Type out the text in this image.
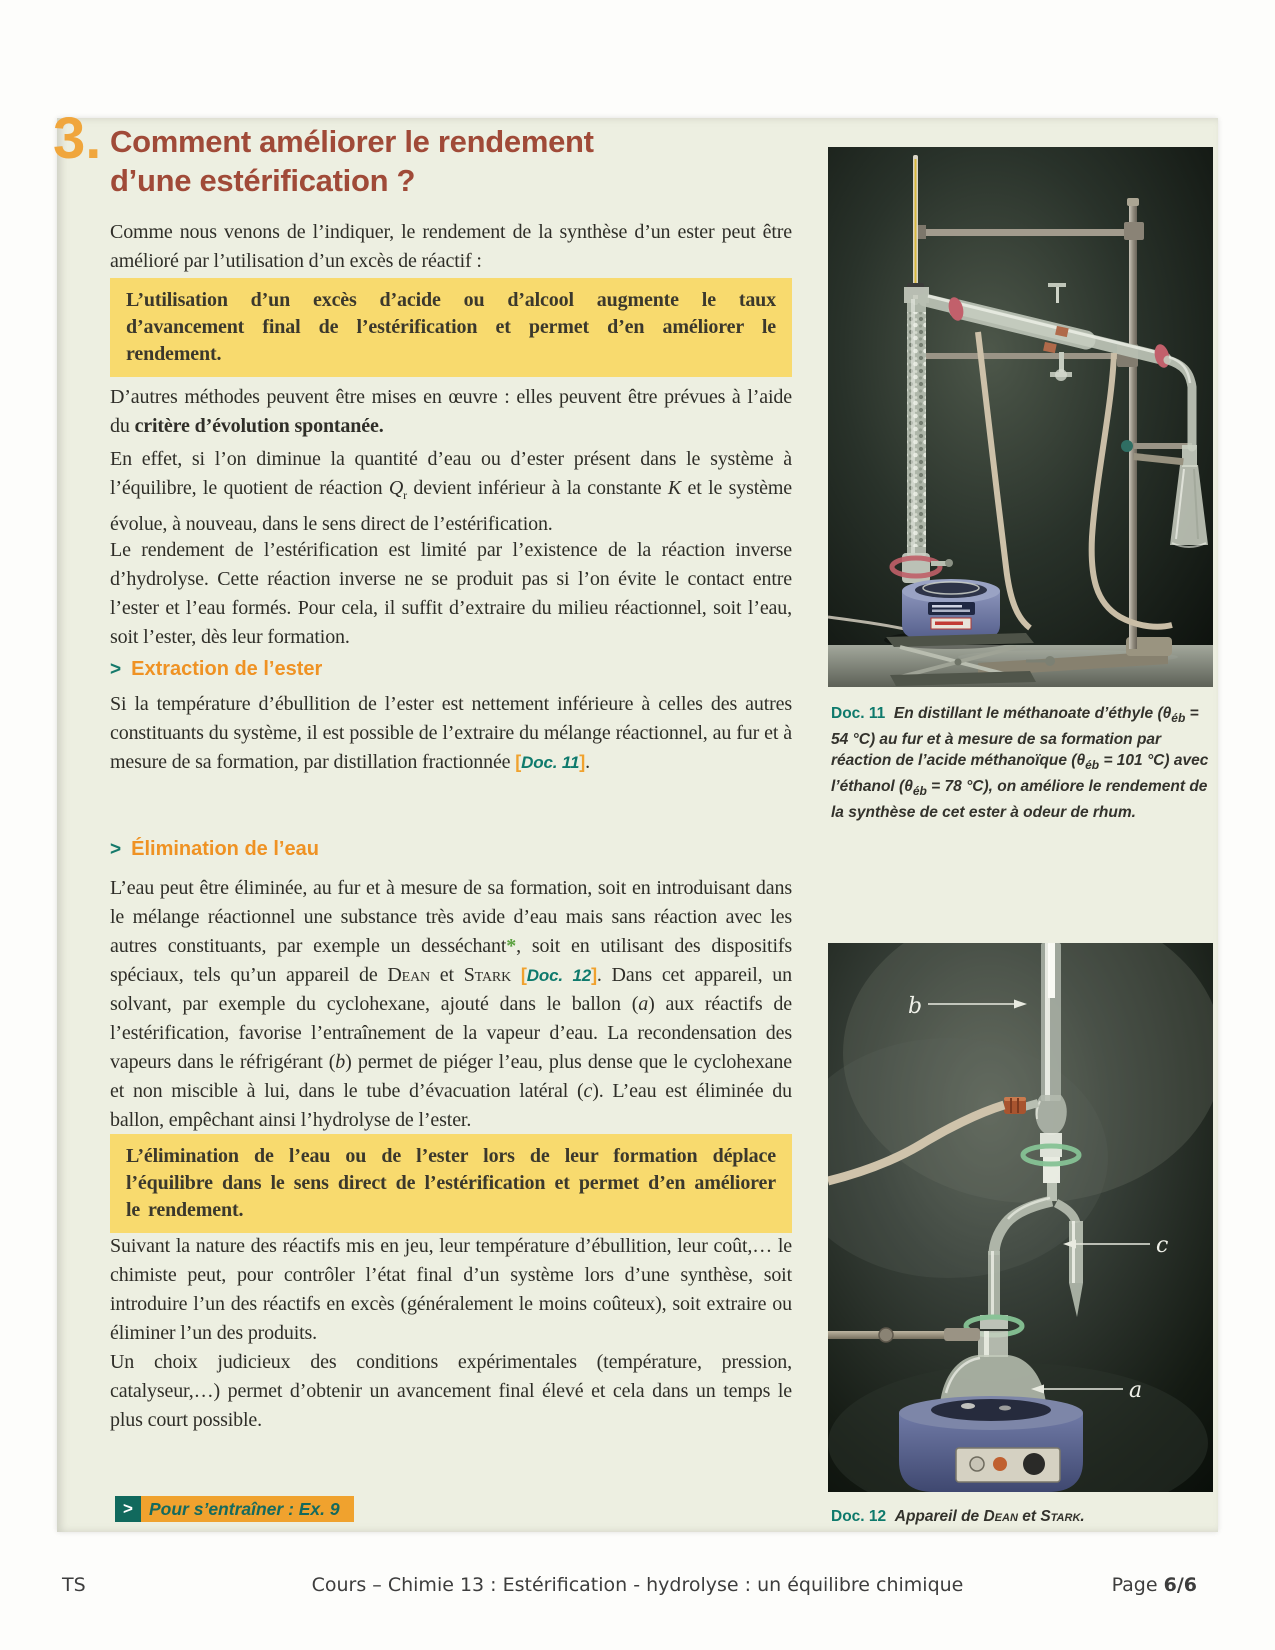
3. Comment améliorer le rendement
d’une estérification ?
Comme nous venons de l’indiquer, le rendement de la synthèse d’un ester peut être amélioré par l’utilisation d’un excès de réactif :
L’utilisation d’un excès d’acide ou d’alcool augmente le taux d’avancement final de l’estérification et permet d’en améliorer le rendement.
D’autres méthodes peuvent être mises en œuvre : elles peuvent être prévues à l’aide du critère d’évolution spontanée.
En effet, si l’on diminue la quantité d’eau ou d’ester présent dans le système à l’équilibre, le quotient de réaction $Q_r$ devient inférieur à la constante K et le système évolue, à nouveau, dans le sens direct de l’estérification.
Le rendement de l’estérification est limité par l’existence de la réaction inverse d’hydrolyse. Cette réaction inverse ne se produit pas si l’on évite le contact entre l’ester et l’eau formés. Pour cela, il suffit d’extraire du milieu réactionnel, soit l’eau, soit l’ester, dès leur formation.
> Extraction de l’ester
Si la température d’ébullition de l’ester est nettement inférieure à celles des autres constituants du système, il est possible de l’extraire du mélange réactionnel, au fur et à mesure de sa formation, par distillation fractionnée [Doc. 11].
> Élimination de l’eau
L’eau peut être éliminée, au fur et à mesure de sa formation, soit en introduisant dans le mélange réactionnel une substance très avide d’eau mais sans réaction avec les autres constituants, par exemple un desséchant*, soit en utilisant des dispositifs spéciaux, tels qu’un appareil de Dean et Stark [Doc. 12]. Dans cet appareil, un solvant, par exemple du cyclohexane, ajouté dans le ballon (a) aux réactifs de l’estérification, favorise l’entraînement de la vapeur d’eau. La recondensation des vapeurs dans le réfrigérant (b) permet de piéger l’eau, plus dense que le cyclohexane et non miscible à lui, dans le tube d’évacuation latéral (c). L’eau est éliminée du ballon, empêchant ainsi l’hydrolyse de l’ester.
L’élimination de l’eau ou de l’ester lors de leur formation déplace l’équilibre dans le sens direct de l’estérification et permet d’en améliorer le rendement.
Suivant la nature des réactifs mis en jeu, leur température d’ébullition, leur coût,… le chimiste peut, pour contrôler l’état final d’un système lors d’une synthèse, soit introduire l’un des réactifs en excès (généralement le moins coûteux), soit extraire ou éliminer l’un des produits.
Un choix judicieux des conditions expérimentales (température, pression, catalyseur,…) permet d’obtenir un avancement final élevé et cela dans un temps le plus court possible.
> Pour s’entraîner : Ex. 9
Doc. 11 En distillant le méthanoate d’éthyle ($\theta_{éb} = 54$ °C) au fur et à mesure de sa formation par réaction de l’acide méthanoïque ($\theta_{éb} = 101$ °C) avec l’éthanol ($\theta_{éb} = 78$ °C), on améliore le rendement de la synthèse de cet ester à odeur de rhum.
b
c
a
Doc. 12 Appareil de Dean et Stark.
TS	Cours – Chimie 13 : Estérification - hydrolyse : un équilibre chimique	Page 6/6
